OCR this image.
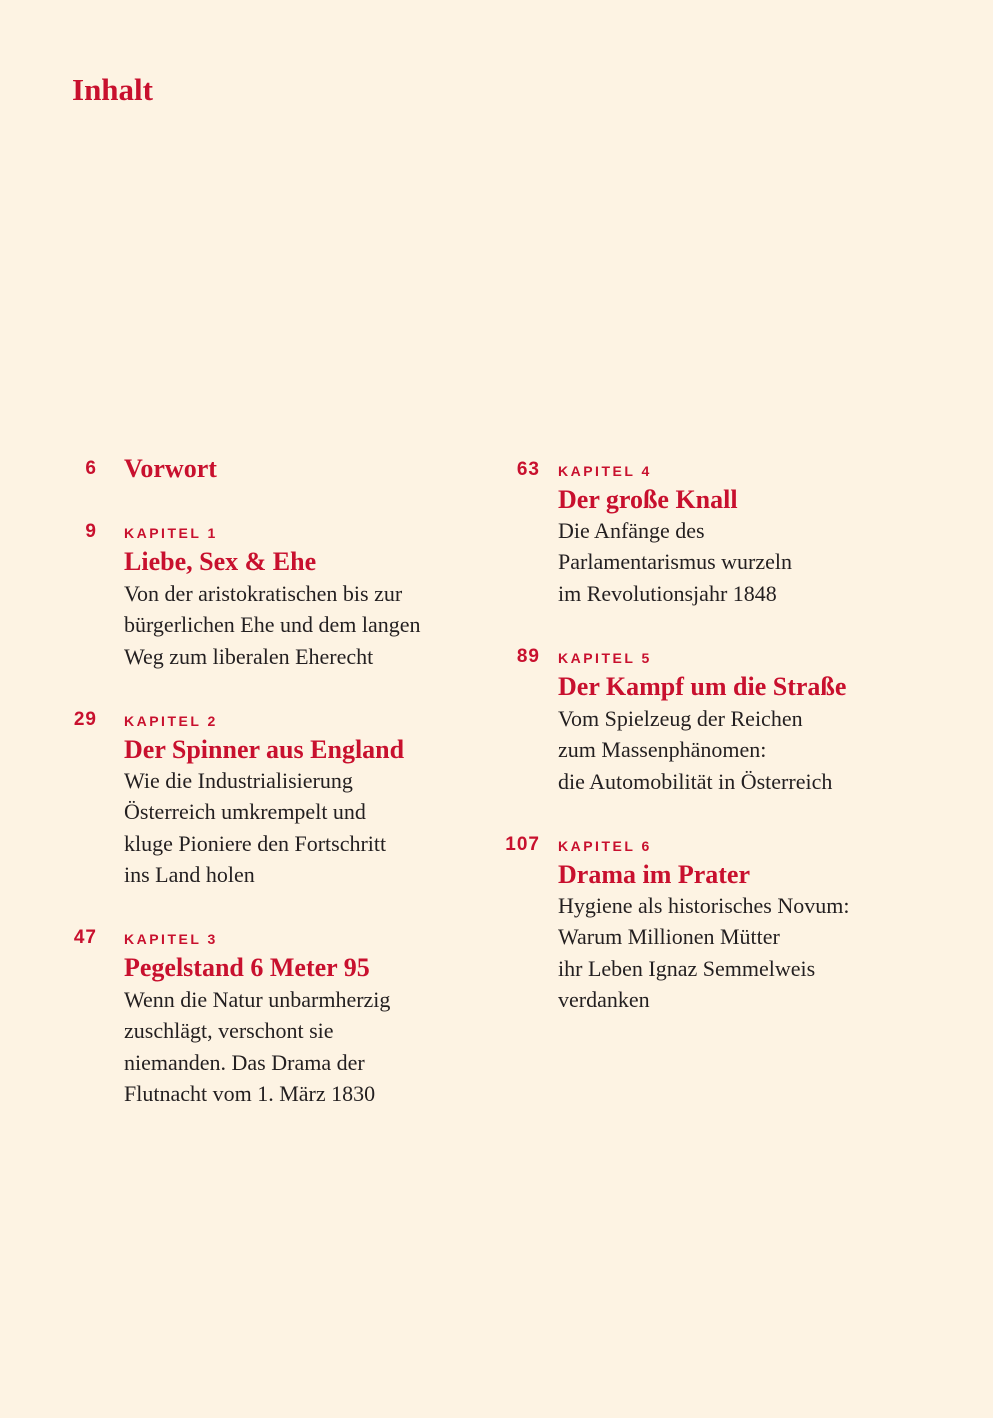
Inhalt
6 Vorwort
9 KAPITEL 1
Liebe, Sex & Ehe
Von der aristokratischen bis zur
bürgerlichen Ehe und dem langen
Weg zum liberalen Eherecht
29 KAPITEL 2
Der Spinner aus England
Wie die Industrialisierung
Österreich umkrempelt und
kluge Pioniere den Fortschritt
ins Land holen
47 KAPITEL 3
Pegelstand 6 Meter 95
Wenn die Natur unbarmherzig
zuschlägt, verschont sie
niemanden. Das Drama der
Flutnacht vom 1. März 1830
63 KAPITEL 4
Der große Knall
Die Anfänge des
Parlamentarismus wurzeln
im Revolutionsjahr 1848
89 KAPITEL 5
Der Kampf um die Straße
Vom Spielzeug der Reichen
zum Massenphänomen:
die Automobilität in Österreich
107 KAPITEL 6
Drama im Prater
Hygiene als historisches Novum:
Warum Millionen Mütter
ihr Leben Ignaz Semmelweis
verdanken
